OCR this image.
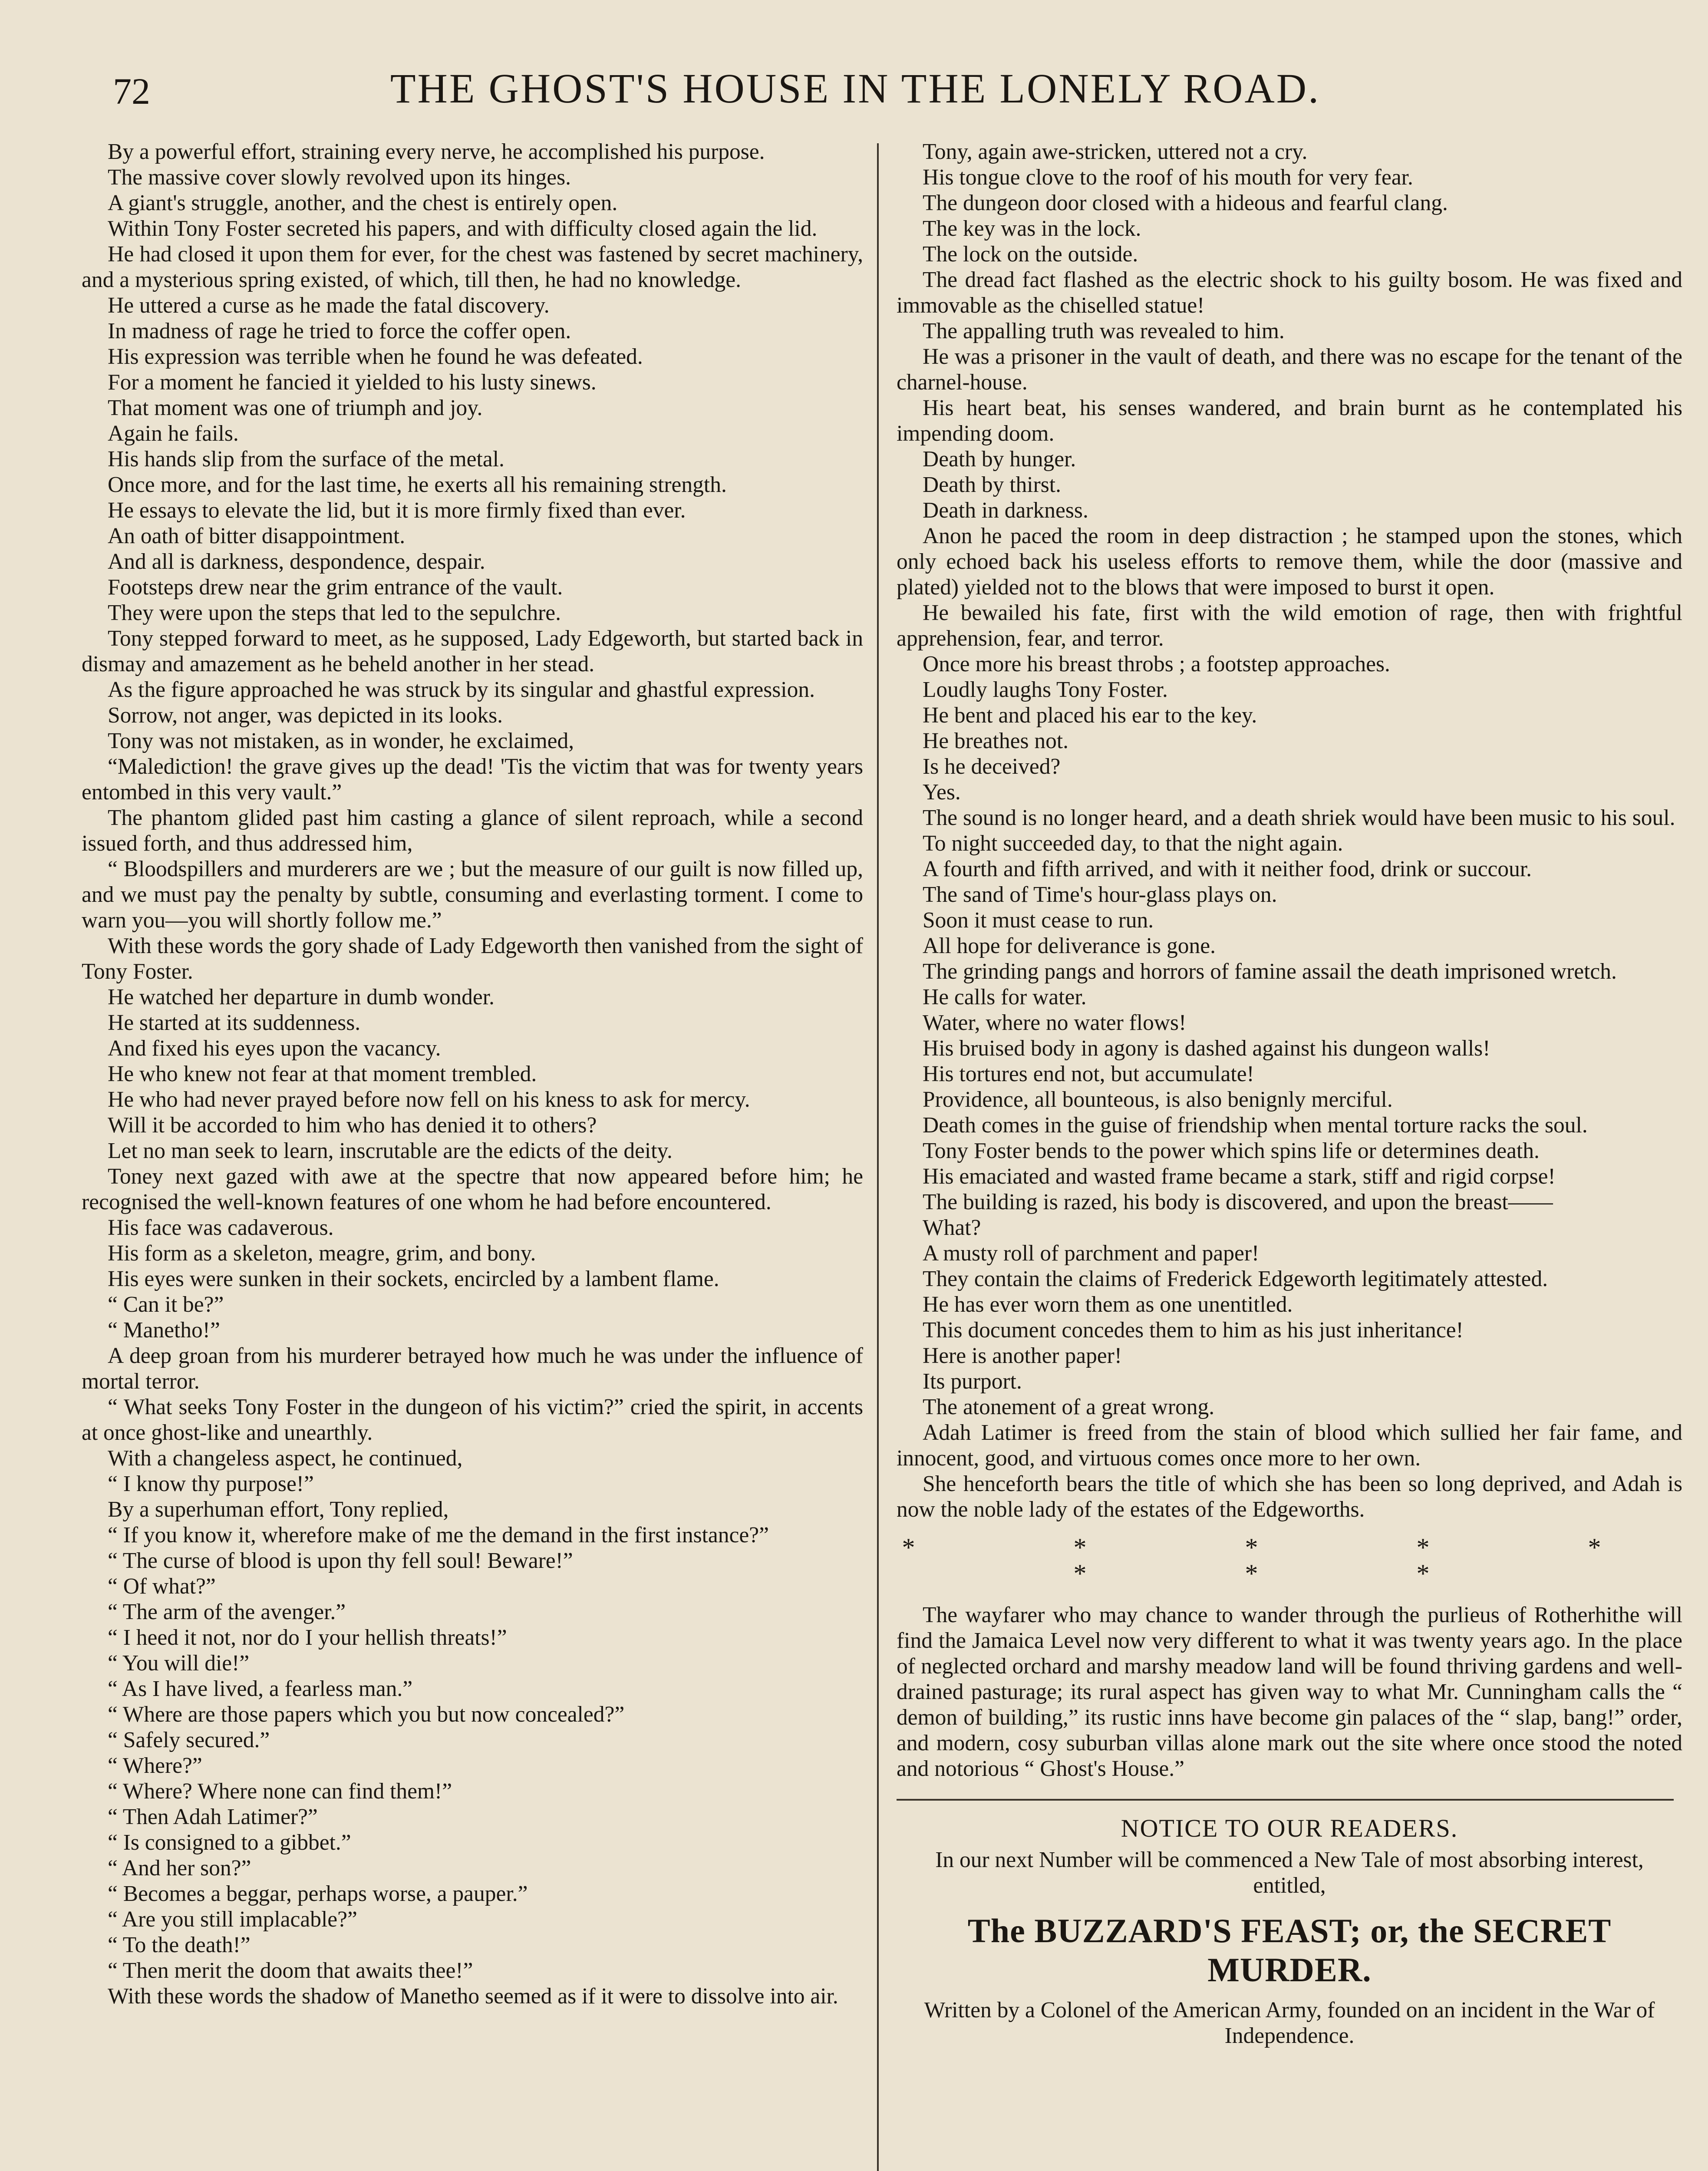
72	THE GHOST'S HOUSE IN THE LONELY ROAD.

By a powerful effort, straining every nerve, he accomplished his purpose.

The massive cover slowly revolved upon its hinges.

A giant's struggle, another, and the chest is entirely open.

Within Tony Foster secreted his papers, and with difficulty closed again the lid.

He had closed it upon them for ever, for the chest was fastened by secret machinery, and a mysterious spring existed, of which, till then, he had no knowledge.

He uttered a curse as he made the fatal discovery.

In madness of rage he tried to force the coffer open.

His expression was terrible when he found he was defeated.

For a moment he fancied it yielded to his lusty sinews.

That moment was one of triumph and joy.

Again he fails.

His hands slip from the surface of the metal.

Once more, and for the last time, he exerts all his remaining strength.

He essays to elevate the lid, but it is more firmly fixed than ever.

An oath of bitter disappointment.

And all is darkness, despondence, despair.

Footsteps drew near the grim entrance of the vault.

They were upon the steps that led to the sepulchre.

Tony stepped forward to meet, as he supposed, Lady Edgeworth, but started back in dismay and amazement as he beheld another in her stead.

As the figure approached he was struck by its singular and ghastful expression.

Sorrow, not anger, was depicted in its looks.

Tony was not mistaken, as in wonder, he exclaimed,

“Malediction! the grave gives up the dead! 'Tis the victim that was for twenty years entombed in this very vault.”

The phantom glided past him casting a glance of silent reproach, while a second issued forth, and thus addressed him,

“ Bloodspillers and murderers are we ; but the measure of our guilt is now filled up, and we must pay the penalty by subtle, consuming and everlasting torment. I come to warn you—you will shortly follow me.”

With these words the gory shade of Lady Edgeworth then vanished from the sight of Tony Foster.

He watched her departure in dumb wonder.

He started at its suddenness.

And fixed his eyes upon the vacancy.

He who knew not fear at that moment trembled.

He who had never prayed before now fell on his kness to ask for mercy.

Will it be accorded to him who has denied it to others?

Let no man seek to learn, inscrutable are the edicts of the deity.

Toney next gazed with awe at the spectre that now appeared before him; he recognised the well-known features of one whom he had before encountered.

His face was cadaverous.

His form as a skeleton, meagre, grim, and bony.

His eyes were sunken in their sockets, encircled by a lambent flame.

“ Can it be?”

“ Manetho!”

A deep groan from his murderer betrayed how much he was under the influence of mortal terror.

“ What seeks Tony Foster in the dungeon of his victim?” cried the spirit, in accents at once ghost-like and unearthly.

With a changeless aspect, he continued,

“ I know thy purpose!”

By a superhuman effort, Tony replied,

“ If you know it, wherefore make of me the demand in the first instance?”

“ The curse of blood is upon thy fell soul! Beware!”

“ Of what?”

“ The arm of the avenger.”

“ I heed it not, nor do I your hellish threats!”

“ You will die!”

“ As I have lived, a fearless man.”

“ Where are those papers which you but now concealed?”

“ Safely secured.”

“ Where?”

“ Where? Where none can find them!”

“ Then Adah Latimer?”

“ Is consigned to a gibbet.”

“ And her son?”

“ Becomes a beggar, perhaps worse, a pauper.”

“ Are you still implacable?”

“ To the death!”

“ Then merit the doom that awaits thee!”

With these words the shadow of Manetho seemed as if it were to dissolve into air.

Tony, again awe-stricken, uttered not a cry.

His tongue clove to the roof of his mouth for very fear.

The dungeon door closed with a hideous and fearful clang.

The key was in the lock.

The lock on the outside.

The dread fact flashed as the electric shock to his guilty bosom. He was fixed and immovable as the chiselled statue!

The appalling truth was revealed to him.

He was a prisoner in the vault of death, and there was no escape for the tenant of the charnel-house.

His heart beat, his senses wandered, and brain burnt as he contemplated his impending doom.

Death by hunger.

Death by thirst.

Death in darkness.

Anon he paced the room in deep distraction ; he stamped upon the stones, which only echoed back his useless efforts to remove them, while the door (massive and plated) yielded not to the blows that were imposed to burst it open.

He bewailed his fate, first with the wild emotion of rage, then with frightful apprehension, fear, and terror.

Once more his breast throbs ; a footstep approaches.

Loudly laughs Tony Foster.

He bent and placed his ear to the key.

He breathes not.

Is he deceived?

Yes.

The sound is no longer heard, and a death shriek would have been music to his soul.

To night succeeded day, to that the night again.

A fourth and fifth arrived, and with it neither food, drink or succour.

The sand of Time's hour-glass plays on.

Soon it must cease to run.

All hope for deliverance is gone.

The grinding pangs and horrors of famine assail the death imprisoned wretch.

He calls for water.

Water, where no water flows!

His bruised body in agony is dashed against his dungeon walls!

His tortures end not, but accumulate!

Providence, all bounteous, is also benignly merciful.

Death comes in the guise of friendship when mental torture racks the soul.

Tony Foster bends to the power which spins life or determines death.

His emaciated and wasted frame became a stark, stiff and rigid corpse!

The building is razed, his body is discovered, and upon the breast——

What?

A musty roll of parchment and paper!

They contain the claims of Frederick Edgeworth legitimately attested.

He has ever worn them as one unentitled.

This document concedes them to him as his just inheritance!

Here is another paper!

Its purport.

The atonement of a great wrong.

Adah Latimer is freed from the stain of blood which sullied her fair fame, and innocent, good, and virtuous comes once more to her own.

She henceforth bears the title of which she has been so long deprived, and Adah is now the noble lady of the estates of the Edgeworths.

* * * * * * * *

The wayfarer who may chance to wander through the purlieus of Rotherhithe will find the Jamaica Level now very different to what it was twenty years ago. In the place of neglected orchard and marshy meadow land will be found thriving gardens and well-drained pasturage; its rural aspect has given way to what Mr. Cunningham calls the “ demon of building,” its rustic inns have become gin palaces of the “ slap, bang!” order, and modern, cosy suburban villas alone mark out the site where once stood the noted and notorious “ Ghost's House.”

NOTICE TO OUR READERS.
In our next Number will be commenced a New Tale of most absorbing interest, entitled,
The BUZZARD'S FEAST; or, the SECRET MURDER.
Written by a Colonel of the American Army, founded on an incident in the War of Independence.
